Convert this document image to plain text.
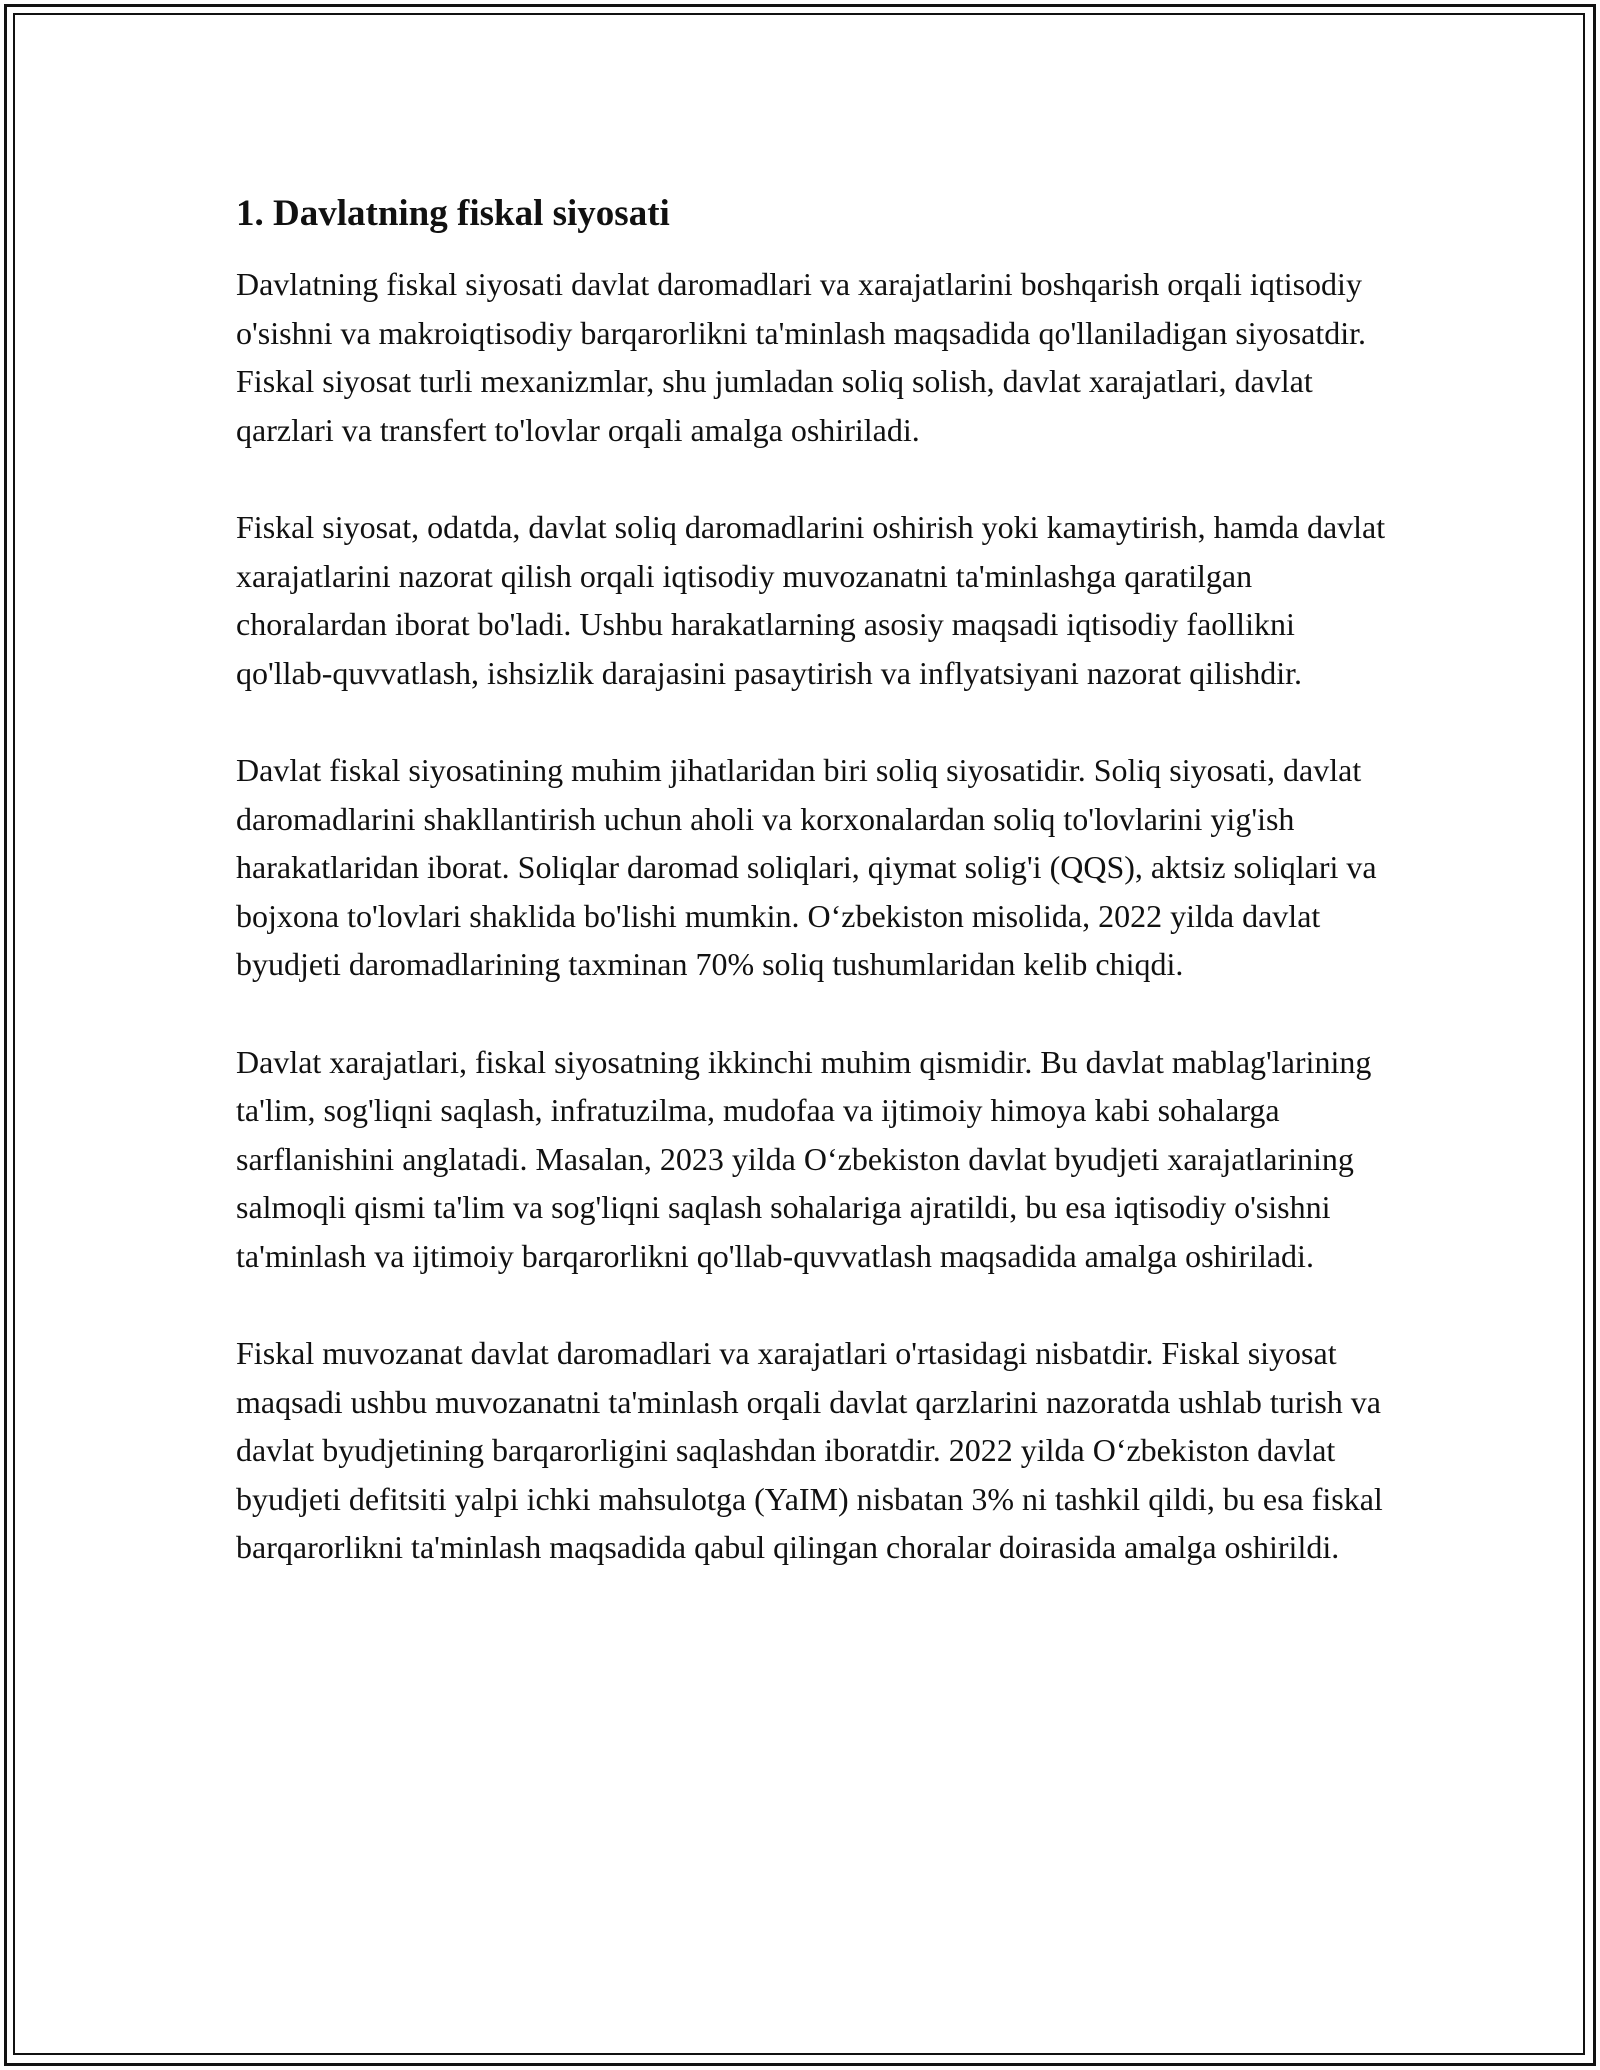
1. Davlatning fiskal siyosati

Davlatning fiskal siyosati davlat daromadlari va xarajatlarini boshqarish orqali iqtisodiy o'sishni va makroiqtisodiy barqarorlikni ta'minlash maqsadida qo'llaniladigan siyosatdir. Fiskal siyosat turli mexanizmlar, shu jumladan soliq solish, davlat xarajatlari, davlat qarzlari va transfert to'lovlar orqali amalga oshiriladi.

Fiskal siyosat, odatda, davlat soliq daromadlarini oshirish yoki kamaytirish, hamda davlat xarajatlarini nazorat qilish orqali iqtisodiy muvozanatni ta'minlashga qaratilgan choralardan iborat bo'ladi. Ushbu harakatlarning asosiy maqsadi iqtisodiy faollikni qo'llab-quvvatlash, ishsizlik darajasini pasaytirish va inflyatsiyani nazorat qilishdir.

Davlat fiskal siyosatining muhim jihatlaridan biri soliq siyosatidir. Soliq siyosati, davlat daromadlarini shakllantirish uchun aholi va korxonalardan soliq to'lovlarini yig'ish harakatlaridan iborat. Soliqlar daromad soliqlari, qiymat solig'i (QQS), aktsiz soliqlari va bojxona to'lovlari shaklida bo'lishi mumkin. O‘zbekiston misolida, 2022 yilda davlat byudjeti daromadlarining taxminan 70% soliq tushumlaridan kelib chiqdi.

Davlat xarajatlari, fiskal siyosatning ikkinchi muhim qismidir. Bu davlat mablag'larining ta'lim, sog'liqni saqlash, infratuzilma, mudofaa va ijtimoiy himoya kabi sohalarga sarflanishini anglatadi. Masalan, 2023 yilda O‘zbekiston davlat byudjeti xarajatlarining salmoqli qismi ta'lim va sog'liqni saqlash sohalariga ajratildi, bu esa iqtisodiy o'sishni ta'minlash va ijtimoiy barqarorlikni qo'llab-quvvatlash maqsadida amalga oshiriladi.

Fiskal muvozanat davlat daromadlari va xarajatlari o'rtasidagi nisbatdir. Fiskal siyosat maqsadi ushbu muvozanatni ta'minlash orqali davlat qarzlarini nazoratda ushlab turish va davlat byudjetining barqarorligini saqlashdan iboratdir. 2022 yilda O‘zbekiston davlat byudjeti defitsiti yalpi ichki mahsulotga (YaIM) nisbatan 3% ni tashkil qildi, bu esa fiskal barqarorlikni ta'minlash maqsadida qabul qilingan choralar doirasida amalga oshirildi.
